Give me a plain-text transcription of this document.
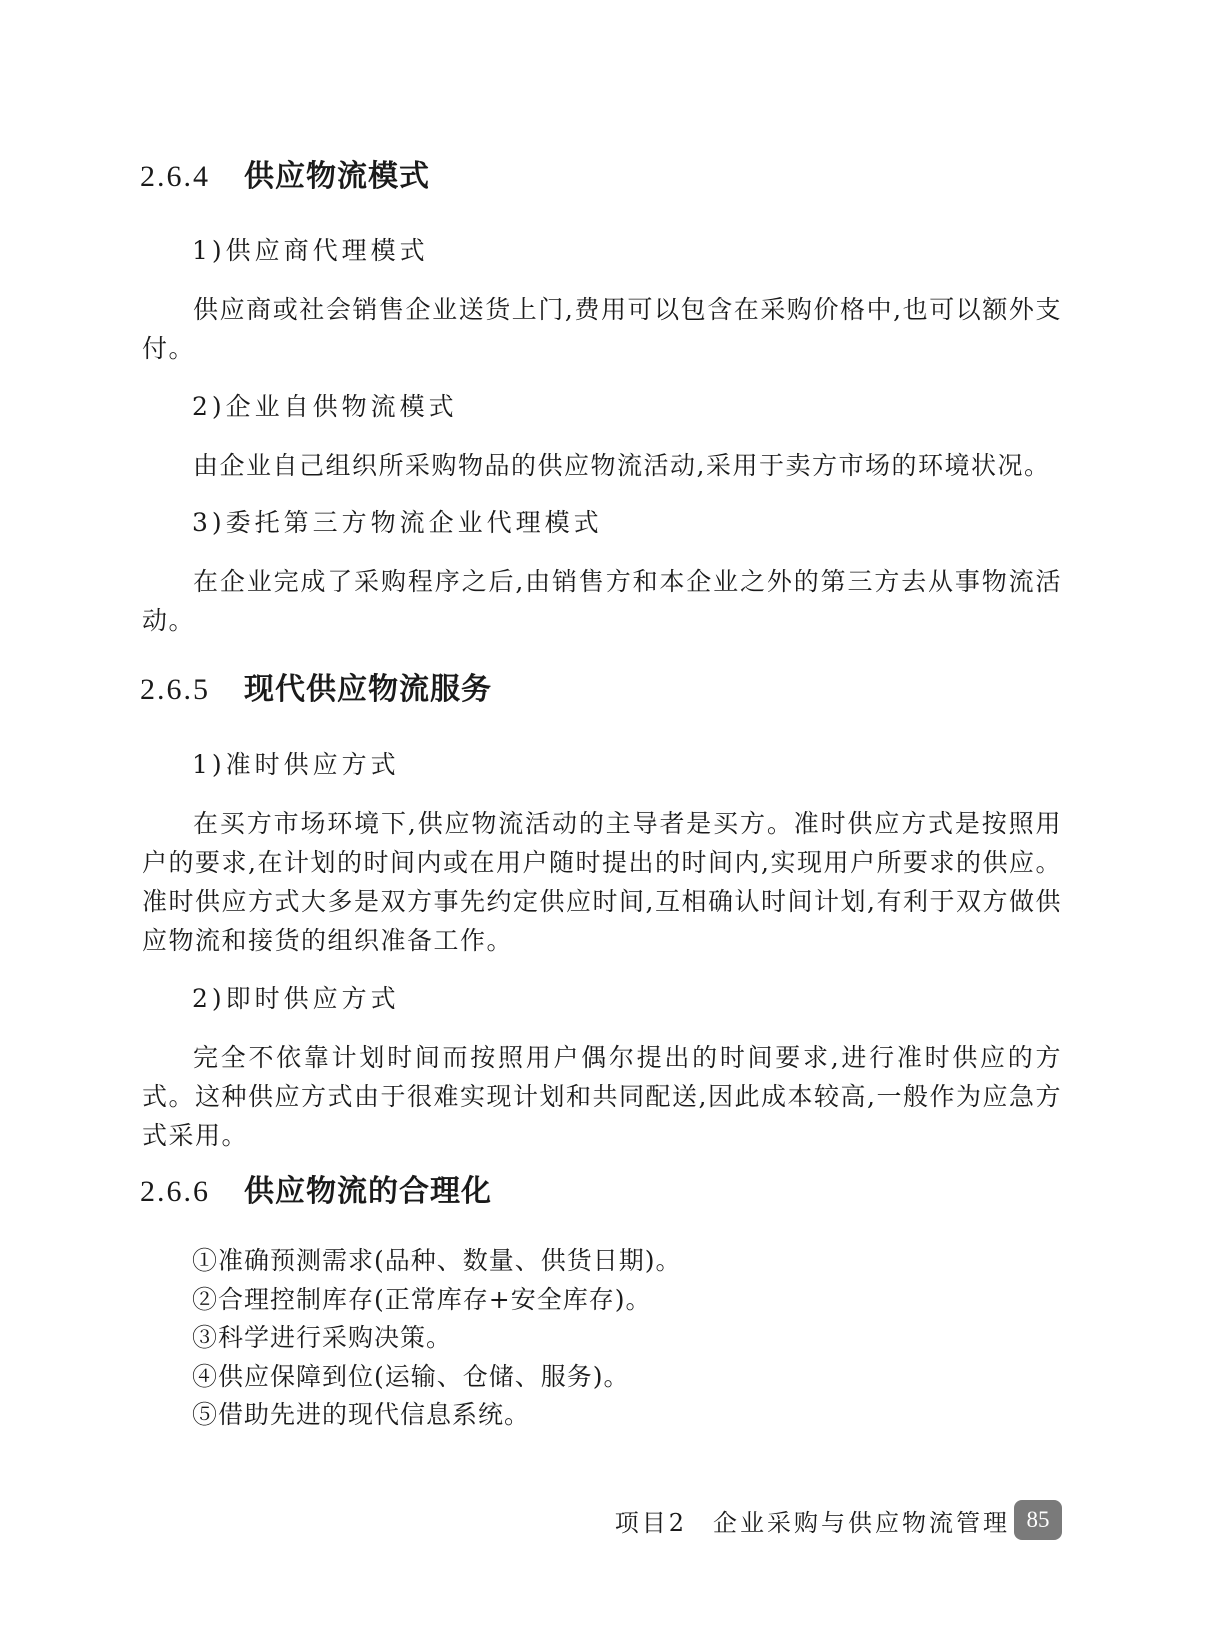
2.6.4 供应物流模式
1)供应商代理模式
供应商或社会销售企业送货上门,费用可以包含在采购价格中,也可以额外支付。
2)企业自供物流模式
由企业自己组织所采购物品的供应物流活动,采用于卖方市场的环境状况。
3)委托第三方物流企业代理模式
在企业完成了采购程序之后,由销售方和本企业之外的第三方去从事物流活动。
2.6.5 现代供应物流服务
1)准时供应方式
在买方市场环境下,供应物流活动的主导者是买方。准时供应方式是按照用户的要求,在计划的时间内或在用户随时提出的时间内,实现用户所要求的供应。准时供应方式大多是双方事先约定供应时间,互相确认时间计划,有利于双方做供应物流和接货的组织准备工作。
2)即时供应方式
完全不依靠计划时间而按照用户偶尔提出的时间要求,进行准时供应的方式。这种供应方式由于很难实现计划和共同配送,因此成本较高,一般作为应急方式采用。
2.6.6 供应物流的合理化
①准确预测需求(品种、数量、供货日期)。
②合理控制库存(正常库存+安全库存)。
③科学进行采购决策。
④供应保障到位(运输、仓储、服务)。
⑤借助先进的现代信息系统。
项目2 企业采购与供应物流管理 85
